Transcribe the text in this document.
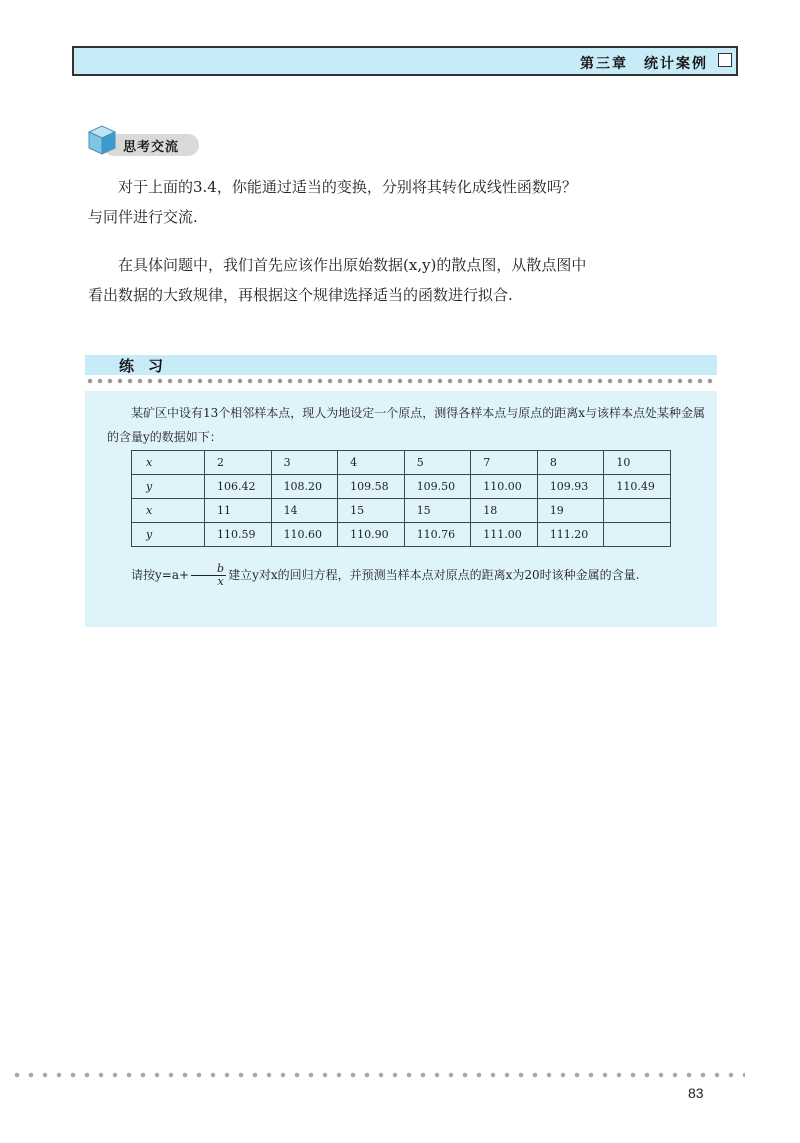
第三章　统计案例
思考交流
对于上面的3.4，你能通过适当的变换，分别将其转化成线性函数吗？与同伴进行交流.
在具体问题中，我们首先应该作出原始数据(x,y)的散点图，从散点图中看出数据的大致规律，再根据这个规律选择适当的函数进行拟合.
练习
某矿区中设有13个相邻样本点，现人为地设定一个原点，测得各样本点与原点的距离x与该样本点处某种金属的含量y的数据如下：
x	2	3	4	5	7	8	10
y	106.42	108.20	109.58	109.50	110.00	109.93	110.49
x	11	14	15	15	18	19	
y	110.59	110.60	110.90	110.76	111.00	111.20	
请按$y=a+ \frac{b}{x}$ 建立y对x的回归方程，并预测当样本点对原点的距离x为20时该种金属的含量.
83
